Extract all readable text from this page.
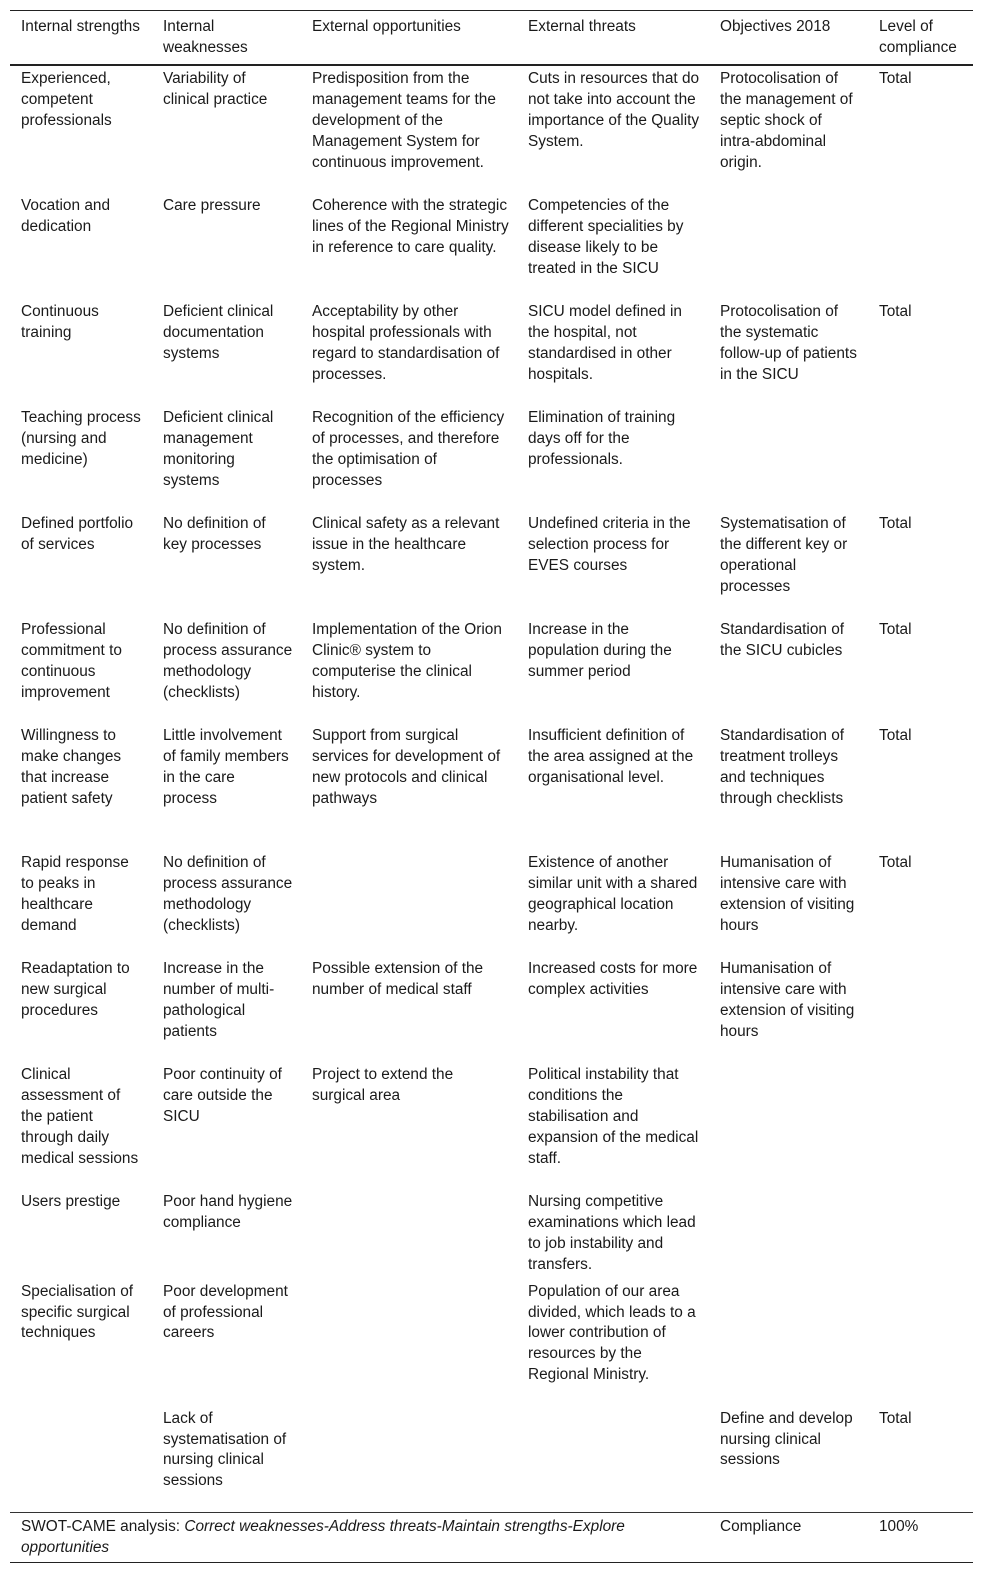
Internal strengths	Internal weaknesses	External opportunities	External threats	Objectives 2018	Level of compliance
Experienced, competent professionals	Variability of clinical practice	Predisposition from the management teams for the development of the Management System for continuous improvement.	Cuts in resources that do not take into account the importance of the Quality System.	Protocolisation of the management of septic shock of intra-abdominal origin.	Total
Vocation and dedication	Care pressure	Coherence with the strategic lines of the Regional Ministry in reference to care quality.	Competencies of the different specialities by disease likely to be treated in the SICU		
Continuous training	Deficient clinical documentation systems	Acceptability by other hospital professionals with regard to standardisation of processes.	SICU model defined in the hospital, not standardised in other hospitals.	Protocolisation of the systematic follow-up of patients in the SICU	Total
Teaching process (nursing and medicine)	Deficient clinical management monitoring systems	Recognition of the efficiency of processes, and therefore the optimisation of processes	Elimination of training days off for the professionals.		
Defined portfolio of services	No definition of key processes	Clinical safety as a relevant issue in the healthcare system.	Undefined criteria in the selection process for EVES courses	Systematisation of the different key or operational processes	Total
Professional commitment to continuous improvement	No definition of process assurance methodology (checklists)	Implementation of the Orion Clinic® system to computerise the clinical history.	Increase in the population during the summer period	Standardisation of the SICU cubicles	Total
Willingness to make changes that increase patient safety	Little involvement of family members in the care process	Support from surgical services for development of new protocols and clinical pathways	Insufficient definition of the area assigned at the organisational level.	Standardisation of treatment trolleys and techniques through checklists	Total
Rapid response to peaks in healthcare demand	No definition of process assurance methodology (checklists)		Existence of another similar unit with a shared geographical location nearby.	Humanisation of intensive care with extension of visiting hours	Total
Readaptation to new surgical procedures	Increase in the number of multi-pathological patients	Possible extension of the number of medical staff	Increased costs for more complex activities	Humanisation of intensive care with extension of visiting hours	
Clinical assessment of the patient through daily medical sessions	Poor continuity of care outside the SICU	Project to extend the surgical area	Political instability that conditions the stabilisation and expansion of the medical staff.		
Users prestige	Poor hand hygiene compliance		Nursing competitive examinations which lead to job instability and transfers.		
Specialisation of specific surgical techniques	Poor development of professional careers		Population of our area divided, which leads to a lower contribution of resources by the Regional Ministry.		
	Lack of systematisation of nursing clinical sessions			Define and develop nursing clinical sessions	Total
SWOT-CAME analysis: Correct weaknesses-Address threats-Maintain strengths-Explore opportunities				Compliance	100%
